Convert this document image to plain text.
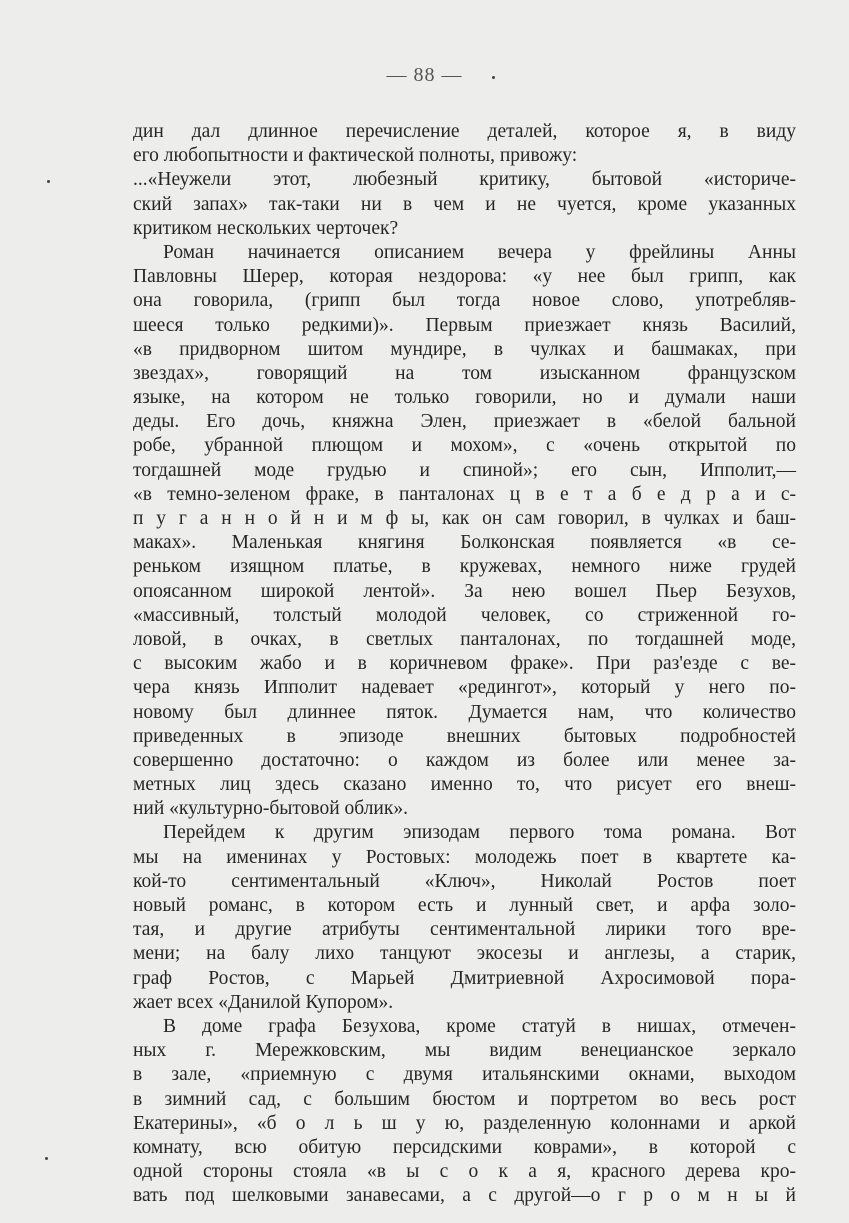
— 88 —
дин дал длинное перечисление деталей, которое я, в виду
его любопытности и фактической полноты, привожу:
...«Неужели этот, любезный критику, бытовой «историче-
ский запах» так-таки ни в чем и не чуется, кроме указанных
критиком нескольких черточек?
Роман начинается описанием вечера у фрейлины Анны
Павловны Шерер, которая нездорова: «у нее был грипп, как
она говорила, (грипп был тогда новое слово, употребляв-
шееся только редкими)». Первым приезжает князь Василий,
«в придворном шитом мундире, в чулках и башмаках, при
звездах», говорящий на том изысканном французском
языке, на котором не только говорили, но и думали наши
деды. Его дочь, княжна Элен, приезжает в «белой бальной
робе, убранной плющом и мохом», с «очень открытой по
тогдашней моде грудью и спиной»; его сын, Ипполит,—
«в темно-зеленом фраке, в панталонах ц в е т а б е д р а и с-
п у г а н н о й н и м ф ы, как он сам говорил, в чулках и баш-
маках». Маленькая княгиня Болконская появляется «в се-
реньком изящном платье, в кружевах, немного ниже грудей
опоясанном широкой лентой». За нею вошел Пьер Безухов,
«массивный, толстый молодой человек, со стриженной го-
ловой, в очках, в светлых панталонах, по тогдашней моде,
с высоким жабо и в коричневом фраке». При раз'езде с ве-
чера князь Ипполит надевает «редингот», который у него по-
новому был длиннее пяток. Думается нам, что количество
приведенных в эпизоде внешних бытовых подробностей
совершенно достаточно: о каждом из более или менее за-
метных лиц здесь сказано именно то, что рисует его внеш-
ний «культурно-бытовой облик».
Перейдем к другим эпизодам первого тома романа. Вот
мы на именинах у Ростовых: молодежь поет в квартете ка-
кой-то сентиментальный «Ключ», Николай Ростов поет
новый романс, в котором есть и лунный свет, и арфа золо-
тая, и другие атрибуты сентиментальной лирики того вре-
мени; на балу лихо танцуют экосезы и англезы, а старик,
граф Ростов, с Марьей Дмитриевной Ахросимовой пора-
жает всех «Данилой Купором».
В доме графа Безухова, кроме статуй в нишах, отмечен-
ных г. Мережковским, мы видим венецианское зеркало
в зале, «приемную с двумя итальянскими окнами, выходом
в зимний сад, с большим бюстом и портретом во весь рост
Екатерины», «б о л ь ш у ю, разделенную колоннами и аркой
комнату, всю обитую персидскими коврами», в которой с
одной стороны стояла «в ы с о к а я, красного дерева кро-
вать под шелковыми занавесами, а с другой—о г р о м н ы й
